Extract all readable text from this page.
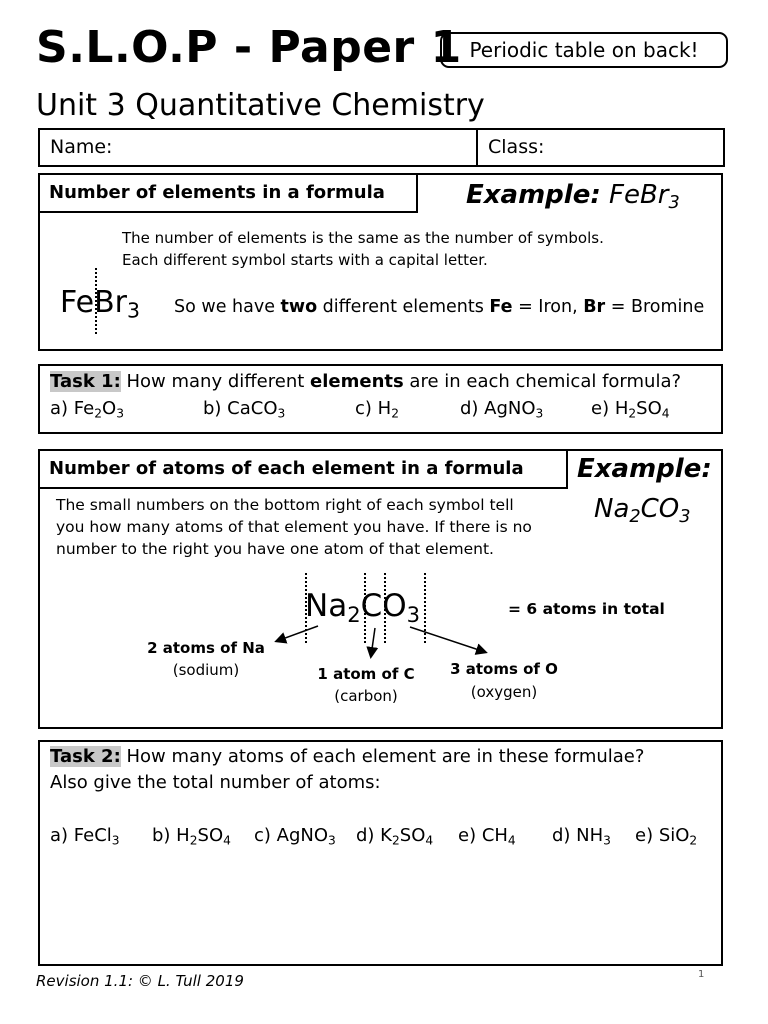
S.L.O.P - Paper 1 Periodic table on back!
Unit 3 Quantitative Chemistry
Name:	Class:
Number of elements in a formula	Example: FeBr$_3$
The number of elements is the same as the number of symbols.
Each different symbol starts with a capital letter.
FeBr$_3$ So we have two different elements Fe = Iron, Br = Bromine
Task 1: How many different elements are in each chemical formula?
a) $Fe_2O_3$	b) CaCO$_3$	c) $H_2$	d) AgNO$_3$	e) $H_2SO_4$
Number of atoms of each element in a formula	Example:
$Na_2CO_3$
The small numbers on the bottom right of each symbol tell
you how many atoms of that element you have. If there is no
number to the right you have one atom of that element.
$Na_2CO_3$	= 6 atoms in total
2 atoms of Na
(sodium)	1 atom of C
(carbon)
3 atoms of O
(oxygen)
Task 2: How many atoms of each element are in these formulae?
Also give the total number of atoms:
a) FeCl$_3$ b) $H_2SO_4$ c) AgNO$_3$ d) $K_2SO_4$ e) $CH_4$ d) $NH_3$ e) SiO$_2$
Revision 1.1: © L. Tull 2019	1
